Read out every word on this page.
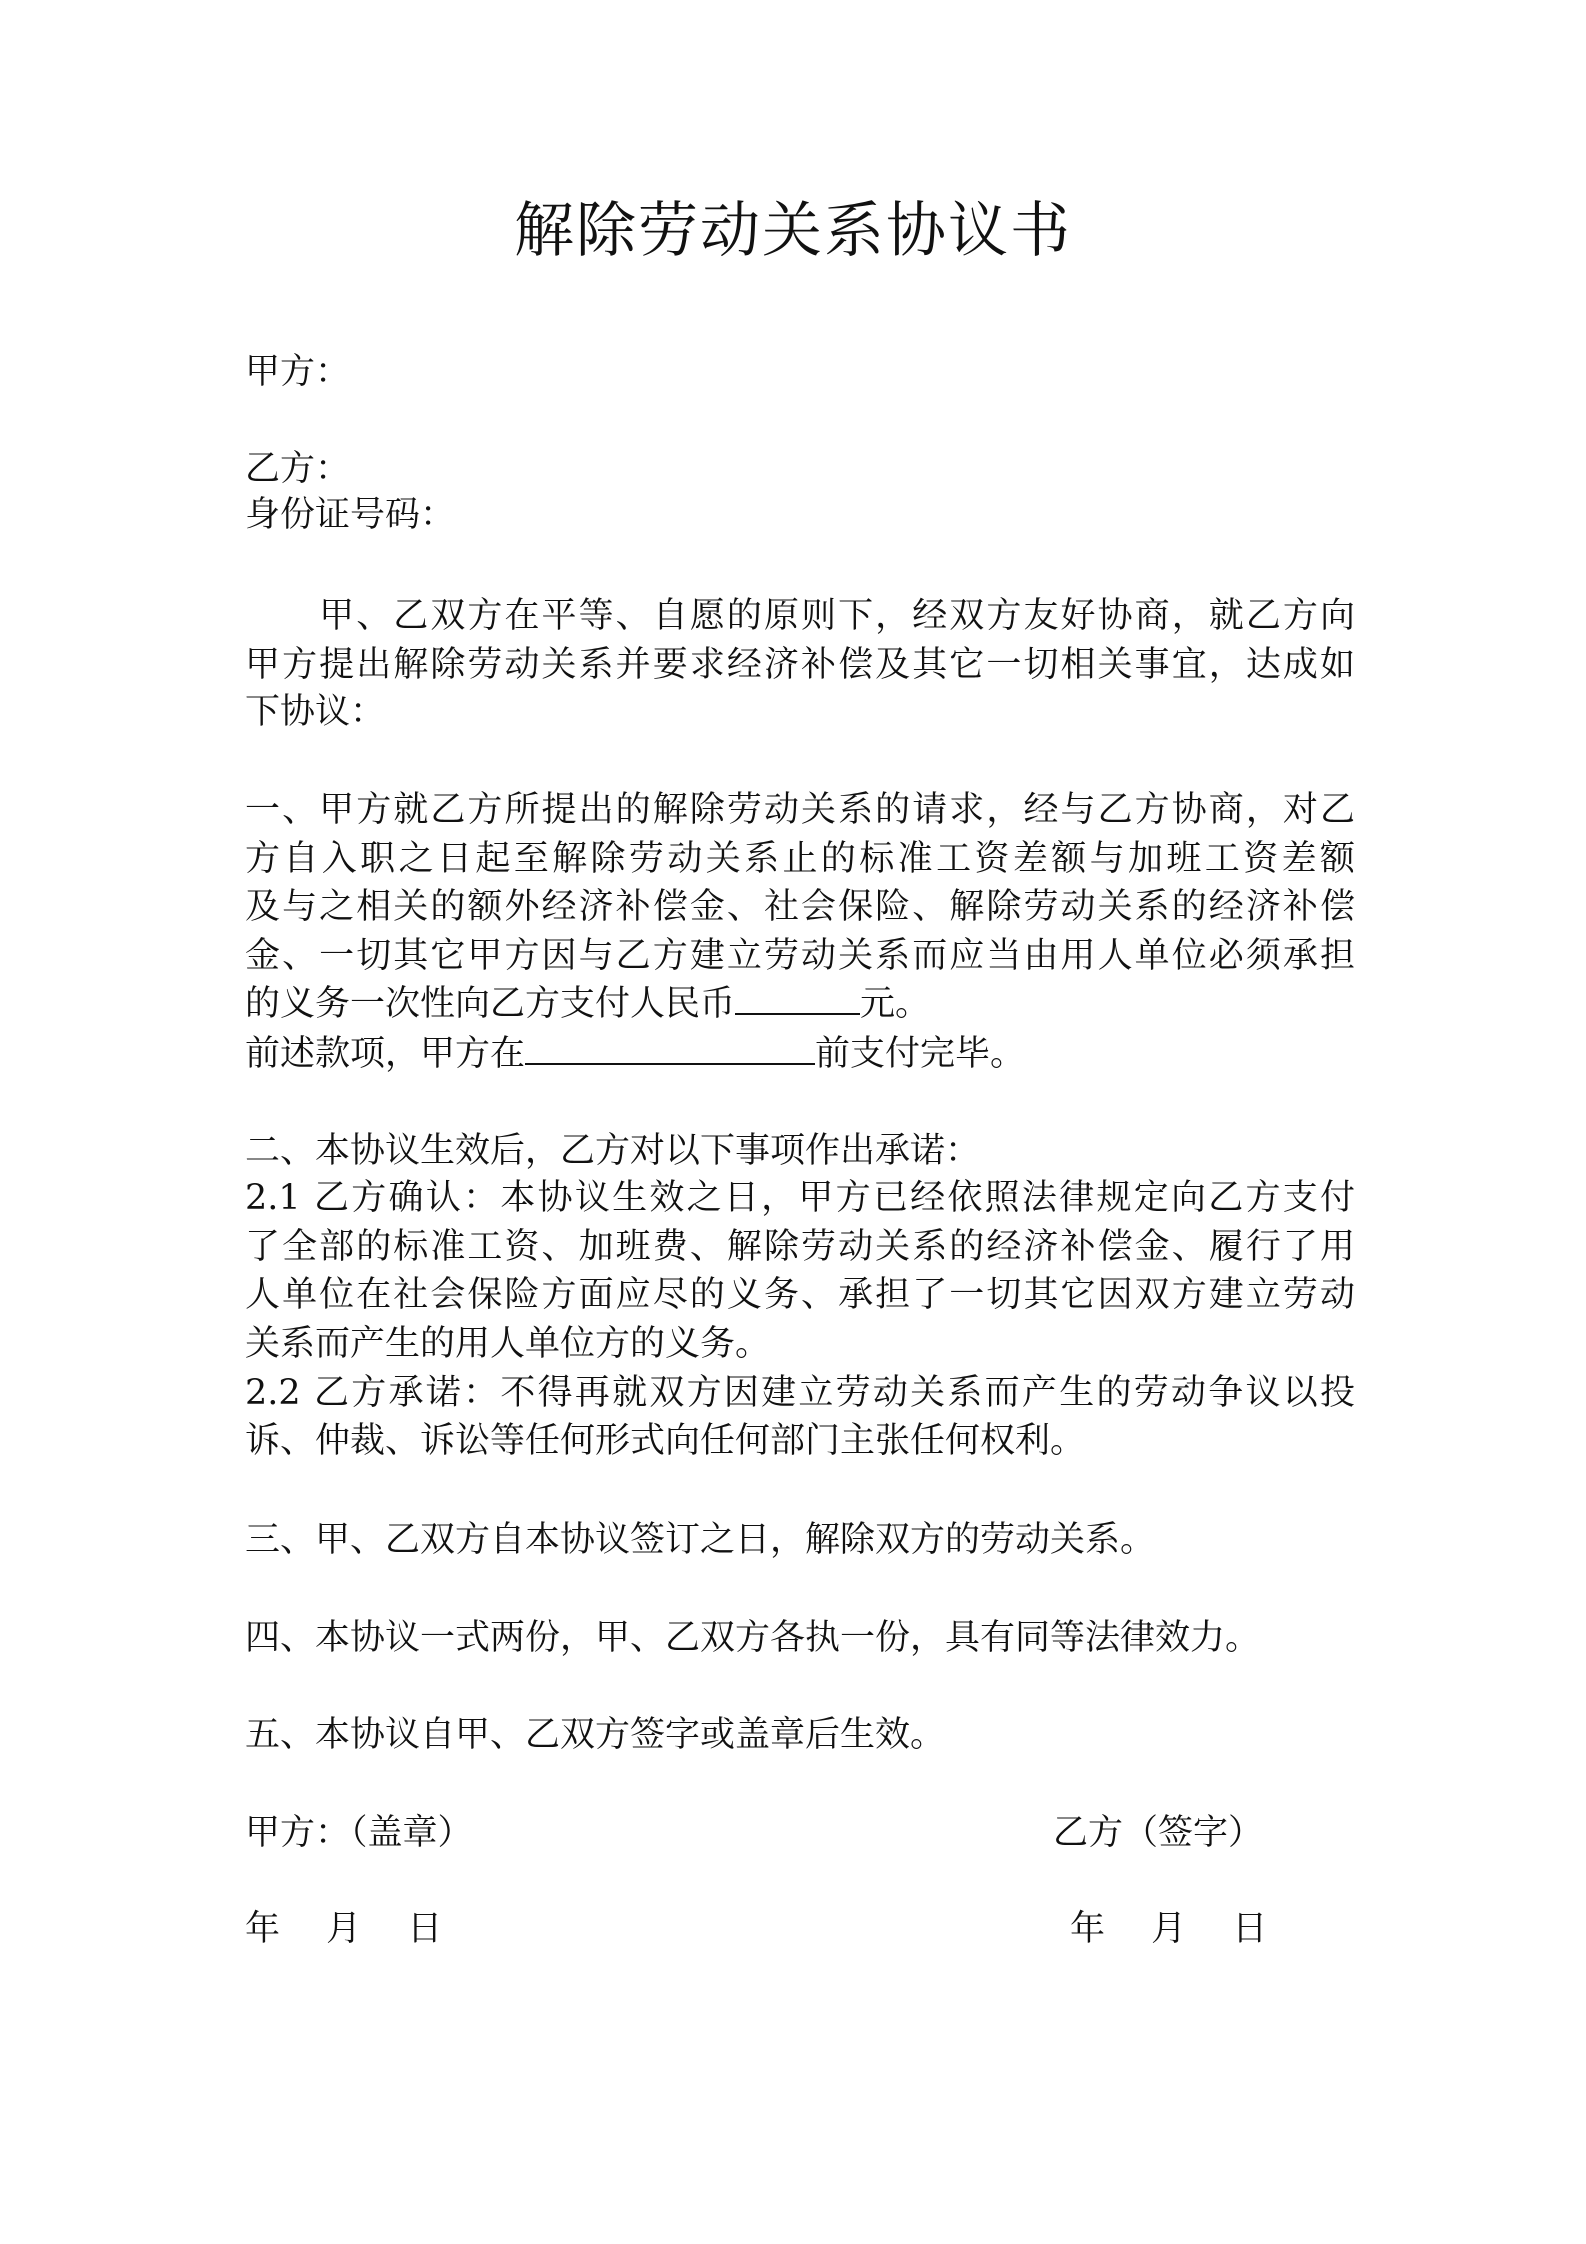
解除劳动关系协议书
甲方：
乙方：
身份证号码：
　　甲、乙双方在平等、自愿的原则下，经双方友好协商，就乙方向
甲方提出解除劳动关系并要求经济补偿及其它一切相关事宜，达成如
下协议：
一、甲方就乙方所提出的解除劳动关系的请求，经与乙方协商，对乙
方自入职之日起至解除劳动关系止的标准工资差额与加班工资差额
及与之相关的额外经济补偿金、社会保险、解除劳动关系的经济补偿
金、一切其它甲方因与乙方建立劳动关系而应当由用人单位必须承担
的义务一次性向乙方支付人民币	元。
前述款项，甲方在	前支付完毕。
二、本协议生效后，乙方对以下事项作出承诺：
2.1 乙方确认：本协议生效之日，甲方已经依照法律规定向乙方支付
了全部的标准工资、加班费、解除劳动关系的经济补偿金、履行了用
人单位在社会保险方面应尽的义务、承担了一切其它因双方建立劳动
关系而产生的用人单位方的义务。
2.2 乙方承诺：不得再就双方因建立劳动关系而产生的劳动争议以投
诉、仲裁、诉讼等任何形式向任何部门主张任何权利。
三、甲、乙双方自本协议签订之日，解除双方的劳动关系。
四、本协议一式两份，甲、乙双方各执一份，具有同等法律效力。
五、本协议自甲、乙双方签字或盖章后生效。
甲方：（盖章）	乙方（签字）
年　 月　 日	年　 月　 日
